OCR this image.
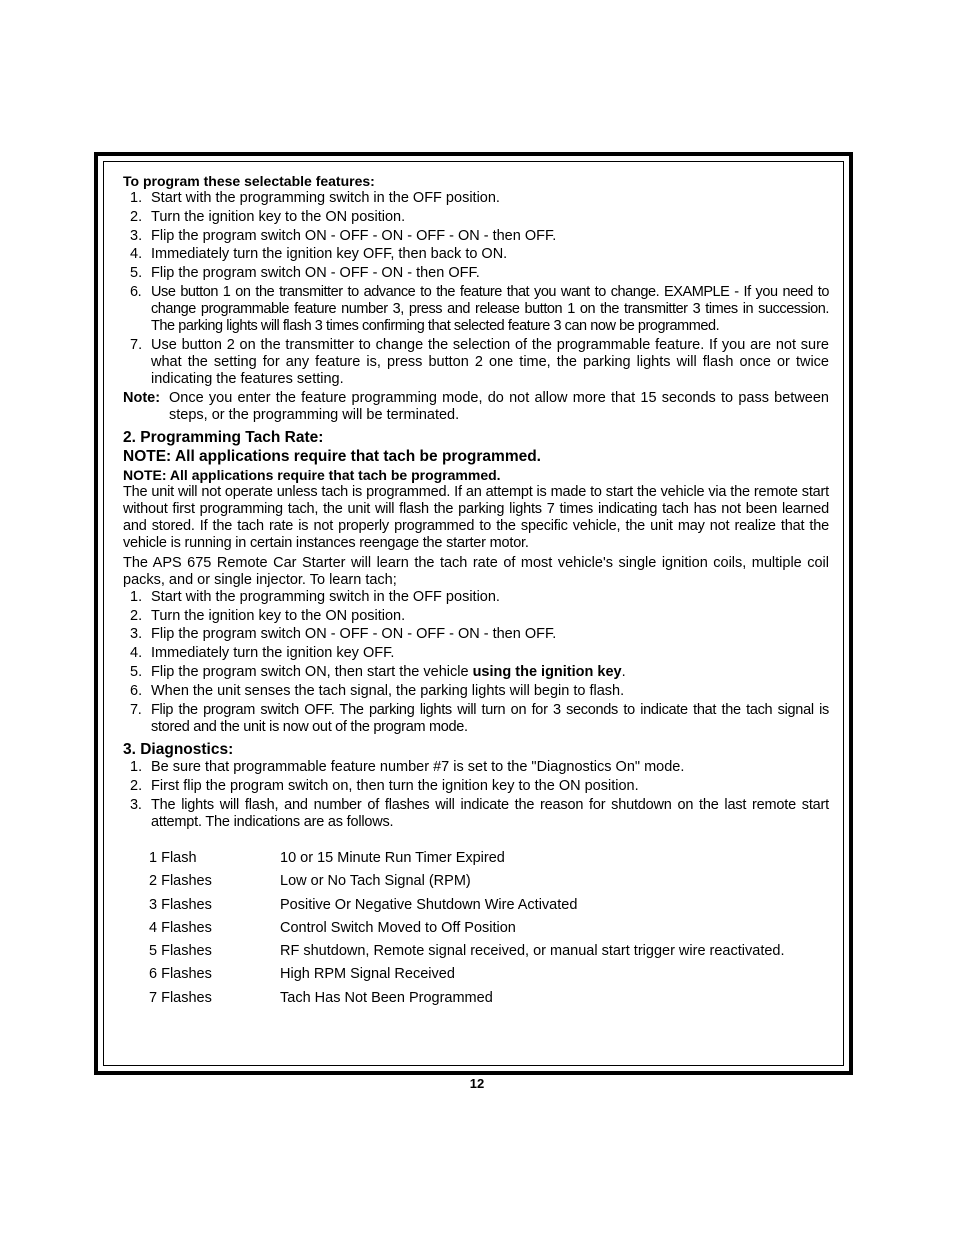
To program these selectable features:

1. Start with the programming switch in the OFF position.
2. Turn the ignition key to the ON position.
3. Flip the program switch ON - OFF - ON - OFF - ON - then OFF.
4. Immediately turn the ignition key OFF, then back to ON.
5. Flip the program switch ON - OFF - ON - then OFF.
6. Use button 1 on the transmitter to advance to the feature that you want to change. EXAMPLE - If you need to change programmable feature number 3, press and release button 1 on the transmitter 3 times in succession. The parking lights will flash 3 times confirming that selected feature 3 can now be programmed.
7. Use button 2 on the transmitter to change the selection of the programmable feature. If you are not sure what the setting for any feature is, press button 2 one time, the parking lights will flash once or twice indicating the features setting.
Note: Once you enter the feature programming mode, do not allow more that 15 seconds to pass between steps, or the programming will be terminated.

2. Programming Tach Rate:

NOTE: All applications require that tach be programmed.

NOTE: All applications require that tach be programmed.

The unit will not operate unless tach is programmed. If an attempt is made to start the vehicle via the remote start without first programming tach, the unit will flash the parking lights 7 times indicating tach has not been learned and stored. If the tach rate is not properly programmed to the specific vehicle, the unit may not realize that the vehicle is running in certain instances reengage the starter motor.

The APS 675 Remote Car Starter will learn the tach rate of most vehicle's single ignition coils, multiple coil packs, and or single injector. To learn tach;

1. Start with the programming switch in the OFF position.
2. Turn the ignition key to the ON position.
3. Flip the program switch ON - OFF - ON - OFF - ON - then OFF.
4. Immediately turn the ignition key OFF.
5. Flip the program switch ON, then start the vehicle using the ignition key.
6. When the unit senses the tach signal, the parking lights will begin to flash.
7. Flip the program switch OFF. The parking lights will turn on for 3 seconds to indicate that the tach signal is stored and the unit is now out of the program mode.

3. Diagnostics:

1. Be sure that programmable feature number #7 is set to the "Diagnostics On" mode.
2. First flip the program switch on, then turn the ignition key to the ON position.
3. The lights will flash, and number of flashes will indicate the reason for shutdown on the last remote start attempt. The indications are as follows.
1 Flash	10 or 15 Minute Run Timer Expired
2 Flashes	Low or No Tach Signal (RPM)
3 Flashes	Positive Or Negative Shutdown Wire Activated
4 Flashes	Control Switch Moved to Off Position
5 Flashes	RF shutdown, Remote signal received, or manual start trigger wire reactivated.
6 Flashes	High RPM Signal Received
7 Flashes	Tach Has Not Been Programmed
12
